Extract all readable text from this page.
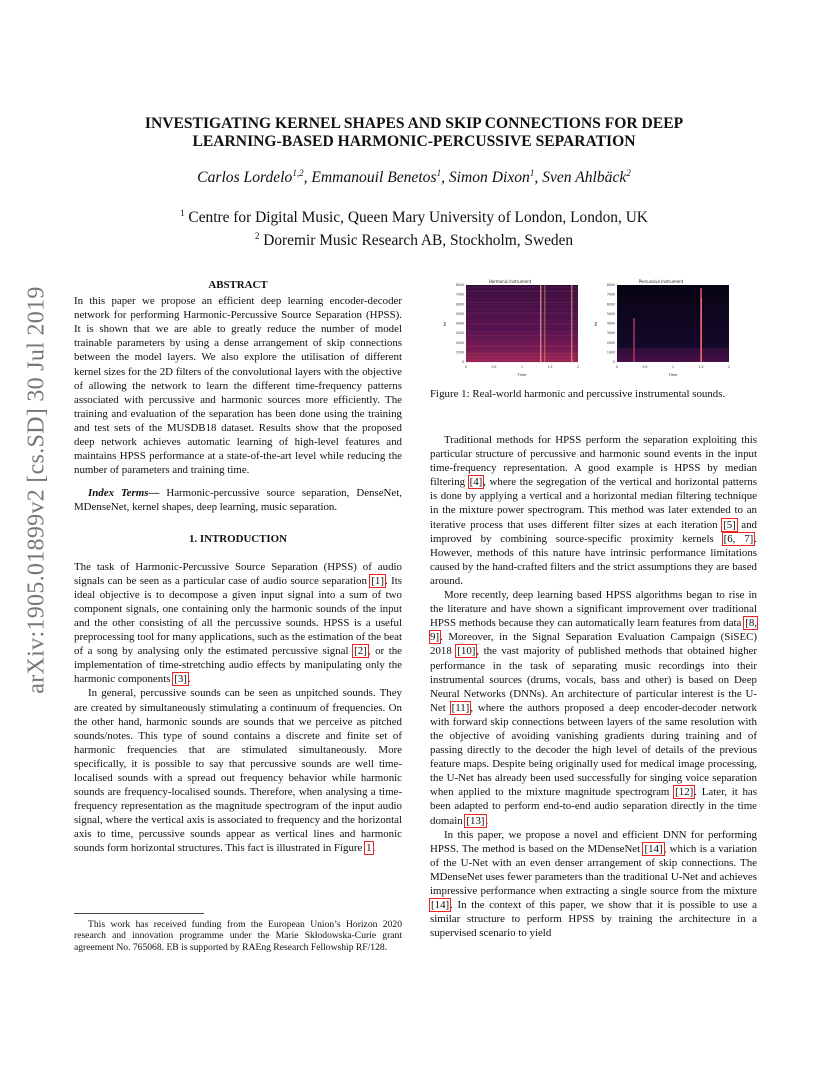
arXiv:1905.01899v2 [cs.SD] 30 Jul 2019
INVESTIGATING KERNEL SHAPES AND SKIP CONNECTIONS FOR DEEP
LEARNING-BASED HARMONIC-PERCUSSIVE SEPARATION
Carlos Lordelo$^{1,2}$, Emmanouil Benetos$^1$, Simon Dixon$^1$, Sven Ahlbäck$^2$
$^1$ Centre for Digital Music, Queen Mary University of London, London, UK
$^2$ Doremir Music Research AB, Stockholm, Sweden
ABSTRACT

In this paper we propose an efficient deep learning encoder-decoder network for performing Harmonic-Percussive Source Separation (HPSS). It is shown that we are able to greatly reduce the number of model trainable parameters by using a dense arrangement of skip connections between the model layers. We also explore the utilisation of different kernel sizes for the 2D filters of the convolutional layers with the objective of allowing the network to learn the different time-frequency patterns associated with percussive and harmonic sources more efficiently. The training and evaluation of the separation has been done using the training and test sets of the MUSDB18 dataset. Results show that the proposed deep network achieves automatic learning of high-level features and maintains HPSS performance at a state-of-the-art level while reducing the number of parameters and training time.

Index Terms— Harmonic-percussive source separation, DenseNet, MDenseNet, kernel shapes, deep learning, music separation.

1. INTRODUCTION

The task of Harmonic-Percussive Source Separation (HPSS) of audio signals can be seen as a particular case of audio source separation [1]. Its ideal objective is to decompose a given input signal into a sum of two component signals, one containing only the harmonic sounds of the input and the other consisting of all the percussive sounds. HPSS is a useful preprocessing tool for many applications, such as the estimation of the beat of a song by analysing only the estimated percussive signal [2], or the implementation of time-stretching audio effects by manipulating only the harmonic components [3].

In general, percussive sounds can be seen as unpitched sounds. They are created by simultaneously stimulating a continuum of frequencies. On the other hand, harmonic sounds are sounds that we perceive as pitched sounds/notes. This type of sound contains a discrete and finite set of harmonic frequencies that are stimulated simultaneously. More specifically, it is possible to say that percussive sounds are well time-localised sounds with a spread out frequency behavior while harmonic sounds are frequency-localised sounds. Therefore, when analysing a time-frequency representation as the magnitude spectrogram of the input audio signal, where the vertical axis is associated to frequency and the horizontal axis to time, percussive sounds appear as vertical lines and harmonic sounds form horizontal structures. This fact is illustrated in Figure 1.

This work has received funding from the European Union’s Horizon 2020 research and innovation programme under the Marie Skłodowska-Curie grant agreement No. 765068. EB is supported by RAEng Research Fellowship RF/128.

Harmonic Instrument	Percussive Instrument
8000
7000
6000
5000
4000
3000
2000
1000
0
0	0.5	1	1.5	2
8000
7000
6000
5000
4000
3000
2000
1000
0
0	0.5	1	1.5	2
Time	Time
Hz	Hz
Figure 1: Real-world harmonic and percussive instrumental sounds.

Traditional methods for HPSS perform the separation exploiting this particular structure of percussive and harmonic sound events in the input time-frequency representation. A good example is HPSS by median filtering [4], where the segregation of the vertical and horizontal patterns is done by applying a vertical and a horizontal median filtering technique in the mixture power spectrogram. This method was later extended to an iterative process that uses different filter sizes at each iteration [5] and improved by combining source-specific proximity kernels [6, 7]. However, methods of this nature have intrinsic performance limitations caused by the hand-crafted filters and the strict assumptions they are based around.

More recently, deep learning based HPSS algorithms began to rise in the literature and have shown a significant improvement over traditional HPSS methods because they can automatically learn features from data [8, 9]. Moreover, in the Signal Separation Evaluation Campaign (SiSEC) 2018 [10], the vast majority of published methods that obtained higher performance in the task of separating music recordings into their instrumental sources (drums, vocals, bass and other) is based on Deep Neural Networks (DNNs). An architecture of particular interest is the U-Net [11], where the authors proposed a deep encoder-decoder network with forward skip connections between layers of the same resolution with the objective of avoiding vanishing gradients during training and of passing directly to the decoder the high level of details of the previous feature maps. Despite being originally used for medical image processing, the U-Net has already been used successfully for singing voice separation when applied to the mixture magnitude spectrogram [12]. Later, it has been adapted to perform end-to-end audio separation directly in the time domain [13].

In this paper, we propose a novel and efficient DNN for performing HPSS. The method is based on the MDenseNet [14], which is a variation of the U-Net with an even denser arrangement of skip connections. The MDenseNet uses fewer parameters than the traditional U-Net and achieves impressive performance when extracting a single source from the mixture [14]. In the context of this paper, we show that it is possible to use a similar structure to perform HPSS by training the architecture in a supervised scenario to yield
